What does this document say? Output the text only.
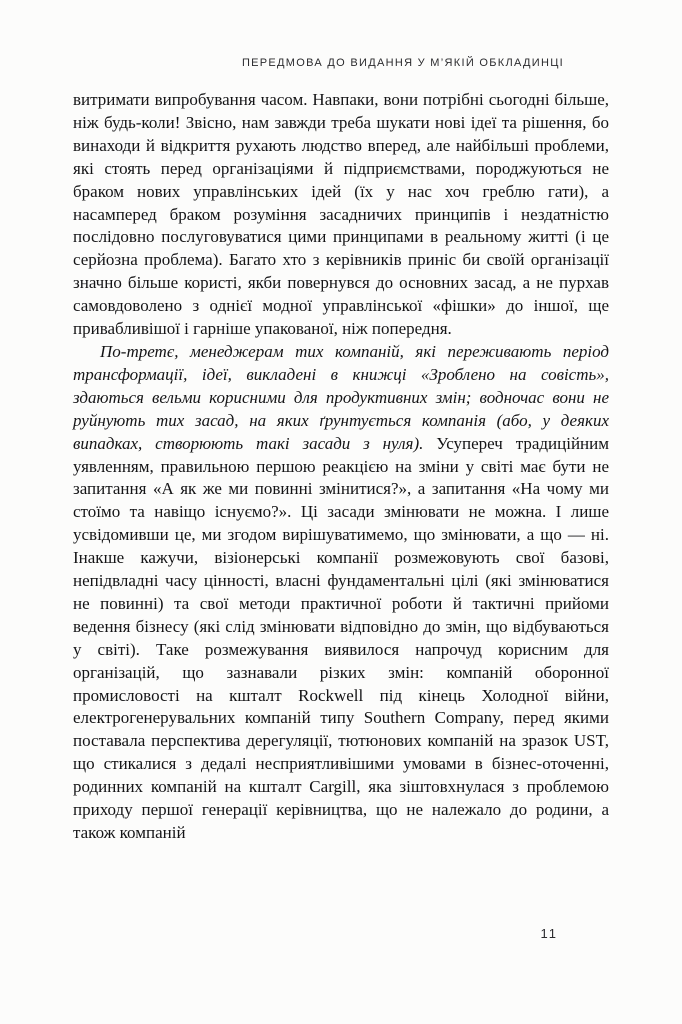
ПЕРЕДМОВА ДО ВИДАННЯ У М’ЯКІЙ ОБКЛАДИНЦІ

витримати випробування часом. Навпаки, вони потрібні сьогодні більше, ніж будь-коли! Звісно, нам завжди треба шукати нові ідеї та рішення, бо винаходи й відкриття рухають людство вперед, але найбільші проблеми, які стоять перед організаціями й підприємствами, породжуються не браком нових управлінських ідей (їх у нас хоч греблю гати), а насамперед браком розуміння засадничих принципів і нездатністю послідовно послуговуватися цими принципами в реальному житті (і це серйозна проблема). Багато хто з керівників приніс би своїй організації значно більше користі, якби повернувся до основних засад, а не пурхав самовдоволено з однієї модної управлінської «фішки» до іншої, ще привабливішої і гарніше упакованої, ніж попередня.

По-третє, менеджерам тих компаній, які переживають період трансформації, ідеї, викладені в книжці «Зроблено на совість», здаються вельми корисними для продуктивних змін; водночас вони не руйнують тих засад, на яких ґрунтується компанія (або, у деяких випадках, створюють такі засади з нуля). Усупереч традиційним уявленням, правильною першою реакцією на зміни у світі має бути не запитання «А як же ми повинні змінитися?», а запитання «На чому ми стоїмо та навіщо існуємо?». Ці засади змінювати не можна. І лише усвідомивши це, ми згодом вирішуватимемо, що змінювати, а що — ні. Інакше кажучи, візіонерські компанії розмежовують свої базові, непідвладні часу цінності, власні фундаментальні цілі (які змінюватися не повинні) та свої методи практичної роботи й тактичні прийоми ведення бізнесу (які слід змінювати відповідно до змін, що відбуваються у світі). Таке розмежування виявилося напрочуд корисним для організацій, що зазнавали різких змін: компаній оборонної промисловості на кшталт Rockwell під кінець Холодної війни, електрогенерувальних компаній типу Southern Company, перед якими поставала перспектива дерегуляції, тютюнових компаній на зразок UST, що стикалися з дедалі несприятливішими умовами в бізнес-оточенні, родинних компаній на кшталт Cargill, яка зіштовхнулася з проблемою приходу першої генерації керівництва, що не належало до родини, а також компаній

11
